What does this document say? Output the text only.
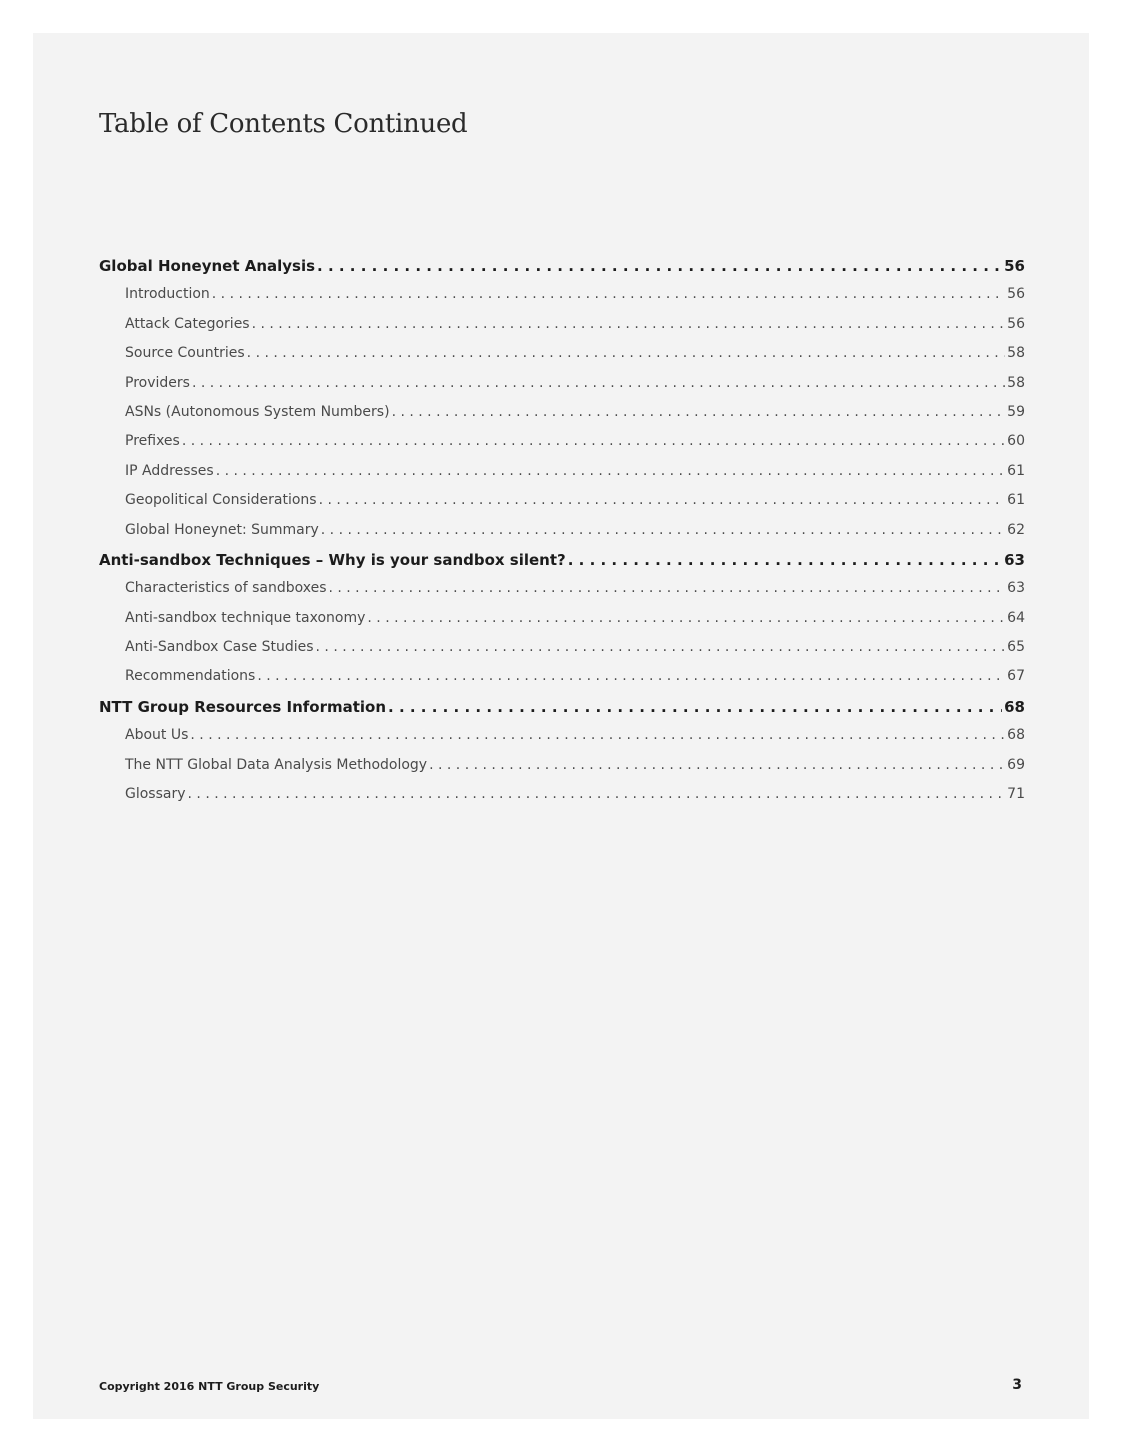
Table of Contents Continued
Global Honeynet Analysis . . .	56
Introduction . . .	56
Attack Categories . . .	56
Source Countries . . .	58
Providers . . .	58
ASNs (Autonomous System Numbers) . . .	59
Prefixes . . .	60
IP Addresses . . .	61
Geopolitical Considerations . . .	61
Global Honeynet: Summary . . .	62
Anti-sandbox Techniques – Why is your sandbox silent? . . .	63
Characteristics of sandboxes . . .	63
Anti-sandbox technique taxonomy . . .	64
Anti-Sandbox Case Studies . . .	65
Recommendations . . .	67
NTT Group Resources Information . . .	68
About Us . . .	68
The NTT Global Data Analysis Methodology . . .	69
Glossary . . .	71
Copyright 2016 NTT Group Security	3
